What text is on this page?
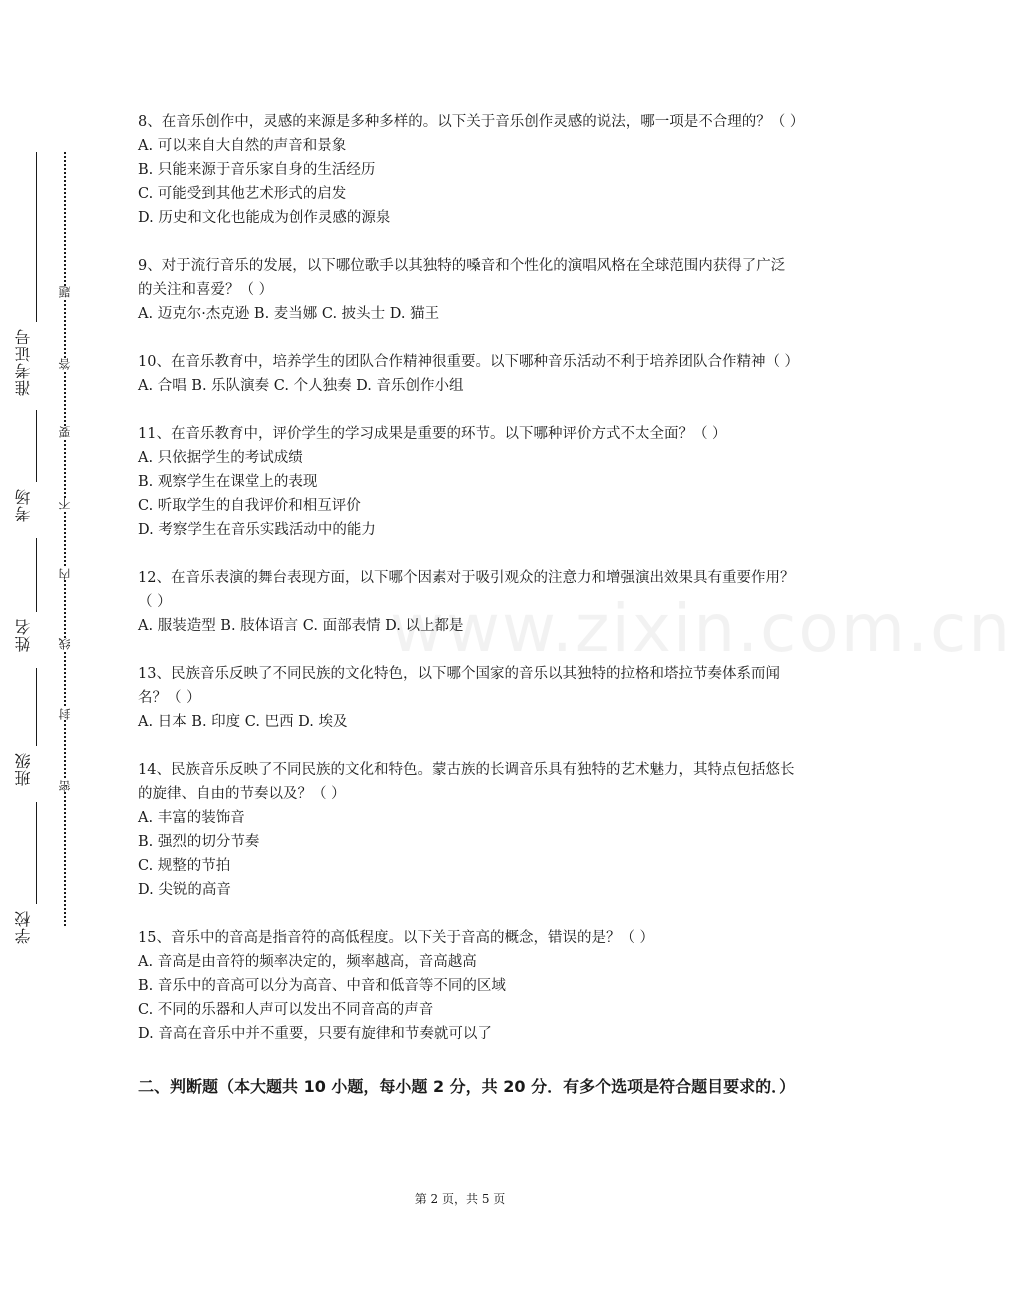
准考证号
考场
姓名
班级
学校
题
答
要
不
内
线
封
密

8、在音乐创作中，灵感的来源是多种多样的。以下关于音乐创作灵感的说法，哪一项是不合理的？（ ）

A. 可以来自大自然的声音和景象

B. 只能来源于音乐家自身的生活经历

C. 可能受到其他艺术形式的启发

D. 历史和文化也能成为创作灵感的源泉

9、对于流行音乐的发展，以下哪位歌手以其独特的嗓音和个性化的演唱风格在全球范围内获得了广泛的关注和喜爱？（ ）

A. 迈克尔·杰克逊 B. 麦当娜 C. 披头士 D. 猫王

10、在音乐教育中，培养学生的团队合作精神很重要。以下哪种音乐活动不利于培养团队合作精神（ ）

A. 合唱 B. 乐队演奏 C. 个人独奏 D. 音乐创作小组

11、在音乐教育中，评价学生的学习成果是重要的环节。以下哪种评价方式不太全面？（ ）

A. 只依据学生的考试成绩

B. 观察学生在课堂上的表现

C. 听取学生的自我评价和相互评价

D. 考察学生在音乐实践活动中的能力

12、在音乐表演的舞台表现方面，以下哪个因素对于吸引观众的注意力和增强演出效果具有重要作用？（ ）

A. 服装造型 B. 肢体语言 C. 面部表情 D. 以上都是

13、民族音乐反映了不同民族的文化特色，以下哪个国家的音乐以其独特的拉格和塔拉节奏体系而闻名？（ ）

A. 日本 B. 印度 C. 巴西 D. 埃及

14、民族音乐反映了不同民族的文化和特色。蒙古族的长调音乐具有独特的艺术魅力，其特点包括悠长的旋律、自由的节奏以及？（ ）

A. 丰富的装饰音

B. 强烈的切分节奏

C. 规整的节拍

D. 尖锐的高音

15、音乐中的音高是指音符的高低程度。以下关于音高的概念，错误的是？（ ）

A. 音高是由音符的频率决定的，频率越高，音高越高

B. 音乐中的音高可以分为高音、中音和低音等不同的区域

C. 不同的乐器和人声可以发出不同音高的声音

D. 音高在音乐中并不重要，只要有旋律和节奏就可以了

二、判断题（本大题共 10 小题，每小题 2 分，共 20 分．有多个选项是符合题目要求的．）
www.zixin.com.cn
第 2 页，共 5 页
